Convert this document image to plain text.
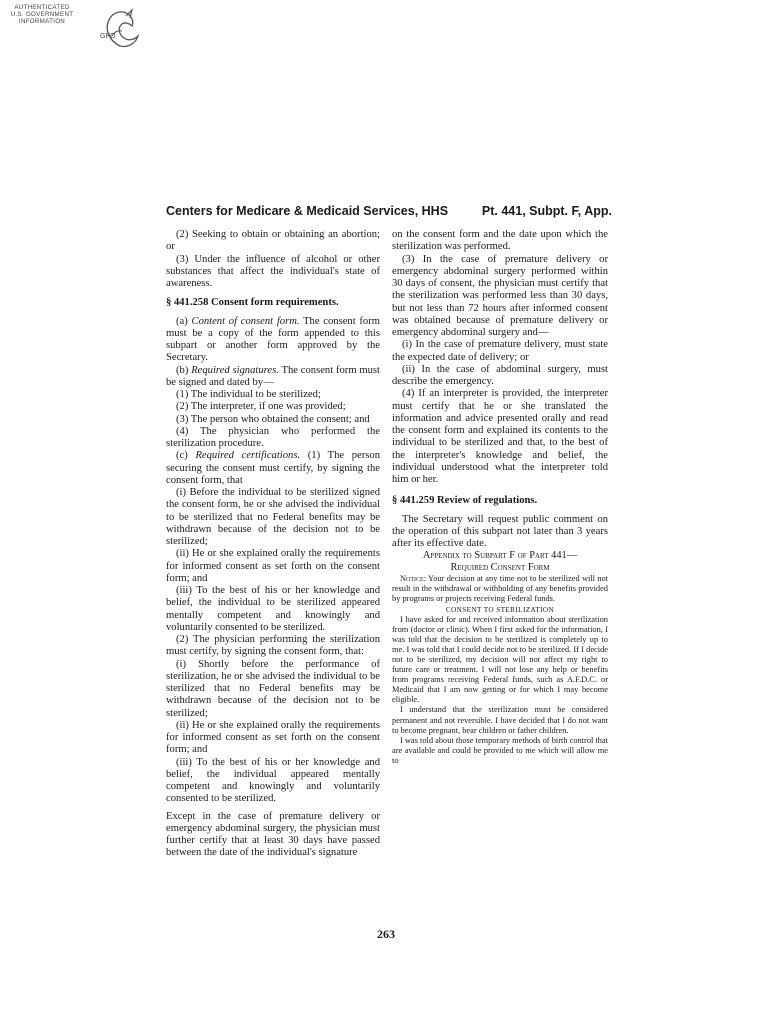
AUTHENTICATED
U.S. GOVERNMENT
INFORMATION
GPO
Centers for Medicare & Medicaid Services, HHS	Pt. 441, Subpt. F, App.

(2) Seeking to obtain or obtaining an abortion; or

(3) Under the influence of alcohol or other substances that affect the individual's state of awareness.

§ 441.258 Consent form requirements.

(a) Content of consent form. The consent form must be a copy of the form appended to this subpart or another form approved by the Secretary.

(b) Required signatures. The consent form must be signed and dated by—

(1) The individual to be sterilized;

(2) The interpreter, if one was provided;

(3) The person who obtained the consent; and

(4) The physician who performed the sterilization procedure.

(c) Required certifications. (1) The person securing the consent must certify, by signing the consent form, that

(i) Before the individual to be sterilized signed the consent form, he or she advised the individual to be sterilized that no Federal benefits may be withdrawn because of the decision not to be sterilized;

(ii) He or she explained orally the requirements for informed consent as set forth on the consent form; and

(iii) To the best of his or her knowledge and belief, the individual to be sterilized appeared mentally competent and knowingly and voluntarily consented to be sterilized.

(2) The physician performing the sterilization must certify, by signing the consent form, that:

(i) Shortly before the performance of sterilization, he or she advised the individual to be sterilized that no Federal benefits may be withdrawn because of the decision not to be sterilized;

(ii) He or she explained orally the requirements for informed consent as set forth on the consent form; and

(iii) To the best of his or her knowledge and belief, the individual appeared mentally competent and knowingly and voluntarily consented to be sterilized.

Except in the case of premature delivery or emergency abdominal surgery, the physician must further certify that at least 30 days have passed between the date of the individual's signature

on the consent form and the date upon which the sterilization was performed.

(3) In the case of premature delivery or emergency abdominal surgery performed within 30 days of consent, the physician must certify that the sterilization was performed less than 30 days, but not less than 72 hours after informed consent was obtained because of premature delivery or emergency abdominal surgery and—

(i) In the case of premature delivery, must state the expected date of delivery; or

(ii) In the case of abdominal surgery, must describe the emergency.

(4) If an interpreter is provided, the interpreter must certify that he or she translated the information and advice presented orally and read the consent form and explained its contents to the individual to be sterilized and that, to the best of the interpreter's knowledge and belief, the individual understood what the interpreter told him or her.

§ 441.259 Review of regulations.

The Secretary will request public comment on the operation of this subpart not later than 3 years after its effective date.

Appendix to Subpart F of Part 441—
Required Consent Form

Notice: Your decision at any time not to be sterilized will not result in the withdrawal or withholding of any benefits provided by programs or projects receiving Federal funds.

CONSENT TO STERILIZATION

I have asked for and received information about sterilization from (doctor or clinic). When I first asked for the information, I was told that the decision to be sterilized is completely up to me. I was told that I could decide not to be sterilized. If I decide not to be sterilized, my decision will not affect my right to future care or treatment. I will not lose any help or benefits from programs receiving Federal funds, such as A.F.D.C. or Medicaid that I am now getting or for which I may become eligible.

I understand that the sterilization must be considered permanent and not reversible. I have decided that I do not want to become pregnant, bear children or father children.

I was told about those temporary methods of birth control that are available and could be provided to me which will allow me to

263
